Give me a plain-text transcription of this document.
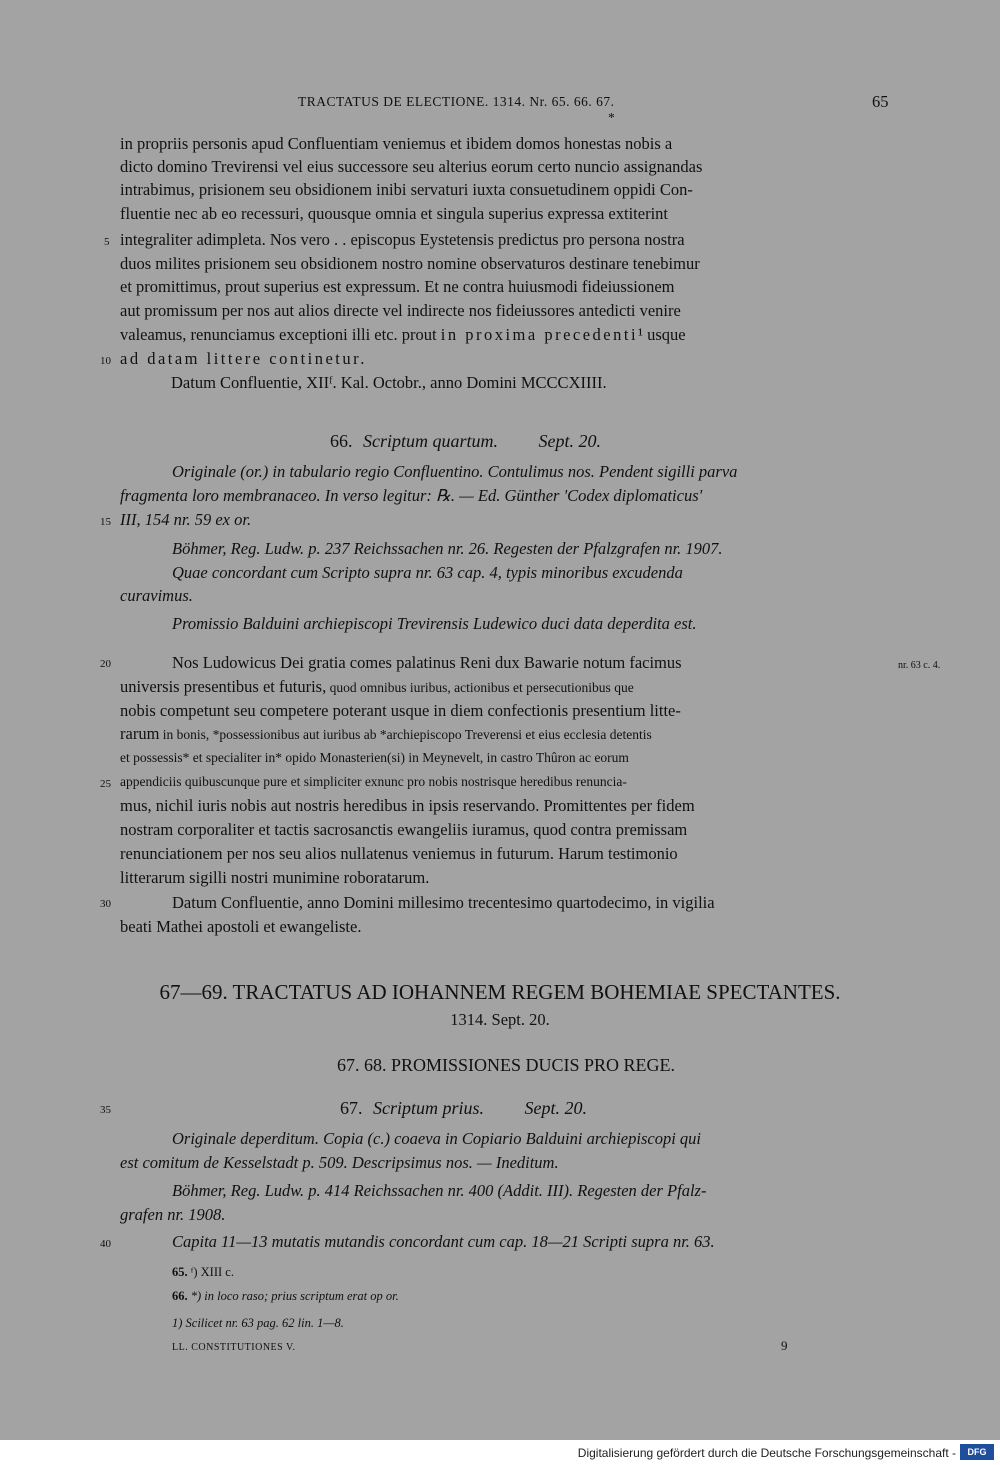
TRACTATUS DE ELECTIONE. 1314. Nr. 65. 66. 67.	65
*
in propriis personis apud Confluentiam veniemus et ibidem domos honestas nobis a
dicto domino Trevirensi vel eius successore seu alterius eorum certo nuncio assignandas
intrabimus, prisionem seu obsidionem inibi servaturi iuxta consuetudinem oppidi Con-
fluentie nec ab eo recessuri, quousque omnia et singula superius expressa extiterint
integraliter adimpleta. Nos vero . . episcopus Eystetensis predictus pro persona nostra
duos milites prisionem seu obsidionem nostro nomine observaturos destinare tenebimur
et promittimus, prout superius est expressum. Et ne contra huiusmodi fideiussionem
aut promissum per nos aut alios directe vel indirecte nos fideiussores antedicti venire
valeamus, renunciamus exceptioni illi etc. prout in proxima precedenti¹ usque
ad datam littere continetur.
Datum Confluentie, XIIᶠ. Kal. Octobr., anno Domini MCCCXIIII.
66. Scriptum quartum. Sept. 20.
Originale (or.) in tabulario regio Confluentino. Contulimus nos. Pendent sigilli parva
fragmenta loro membranaceo. In verso legitur: ℞. — Ed. Günther 'Codex diplomaticus'
III, 154 nr. 59 ex or.
Böhmer, Reg. Ludw. p. 237 Reichssachen nr. 26. Regesten der Pfalzgrafen nr. 1907.
Quae concordant cum Scripto supra nr. 63 cap. 4, typis minoribus excudenda
curavimus.
Promissio Balduini archiepiscopi Trevirensis Ludewico duci data deperdita est.
Nos Ludowicus Dei gratia comes palatinus Reni dux Bawarie notum facimus	nr. 63 c. 4.
universis presentibus et futuris, quod omnibus iuribus, actionibus et persecutionibus que
nobis competunt seu competere poterant usque in diem confectionis presentium litte-
rarum in bonis, *possessionibus aut iuribus ab *archiepiscopo Treverensi et eius ecclesia detentis
et possessis* et specialiter in* opido Monasterien(si) in Meynevelt, in castro Thûron ac eorum
appendiciis quibuscunque pure et simpliciter exnunc pro nobis nostrisque heredibus renuncia-
mus, nichil iuris nobis aut nostris heredibus in ipsis reservando. Promittentes per fidem
nostram corporaliter et tactis sacrosanctis ewangeliis iuramus, quod contra premissam
renunciationem per nos seu alios nullatenus veniemus in futurum. Harum testimonio
litterarum sigilli nostri munimine roboratarum.
Datum Confluentie, anno Domini millesimo trecentesimo quartodecimo, in vigilia
beati Mathei apostoli et ewangeliste.
67—69. TRACTATUS AD IOHANNEM REGEM BOHEMIAE SPECTANTES.
1314. Sept. 20.
67. 68. PROMISSIONES DUCIS PRO REGE.
67. Scriptum prius. Sept. 20.
Originale deperditum. Copia (c.) coaeva in Copiario Balduini archiepiscopi qui
est comitum de Kesselstadt p. 509. Descripsimus nos. — Ineditum.
Böhmer, Reg. Ludw. p. 414 Reichssachen nr. 400 (Addit. III). Regesten der Pfalz-
grafen nr. 1908.
Capita 11—13 mutatis mutandis concordant cum cap. 18—21 Scripti supra nr. 63.
65. ᶠ) XIII c.
66. *) in loco raso; prius scriptum erat op or.
1) Scilicet nr. 63 pag. 62 lin. 1—8.
LL. CONSTITUTIONES V.	9
5
10
15
20
25
30
35
40
Digitalisierung gefördert durch die Deutsche Forschungsgemeinschaft -	DFG
